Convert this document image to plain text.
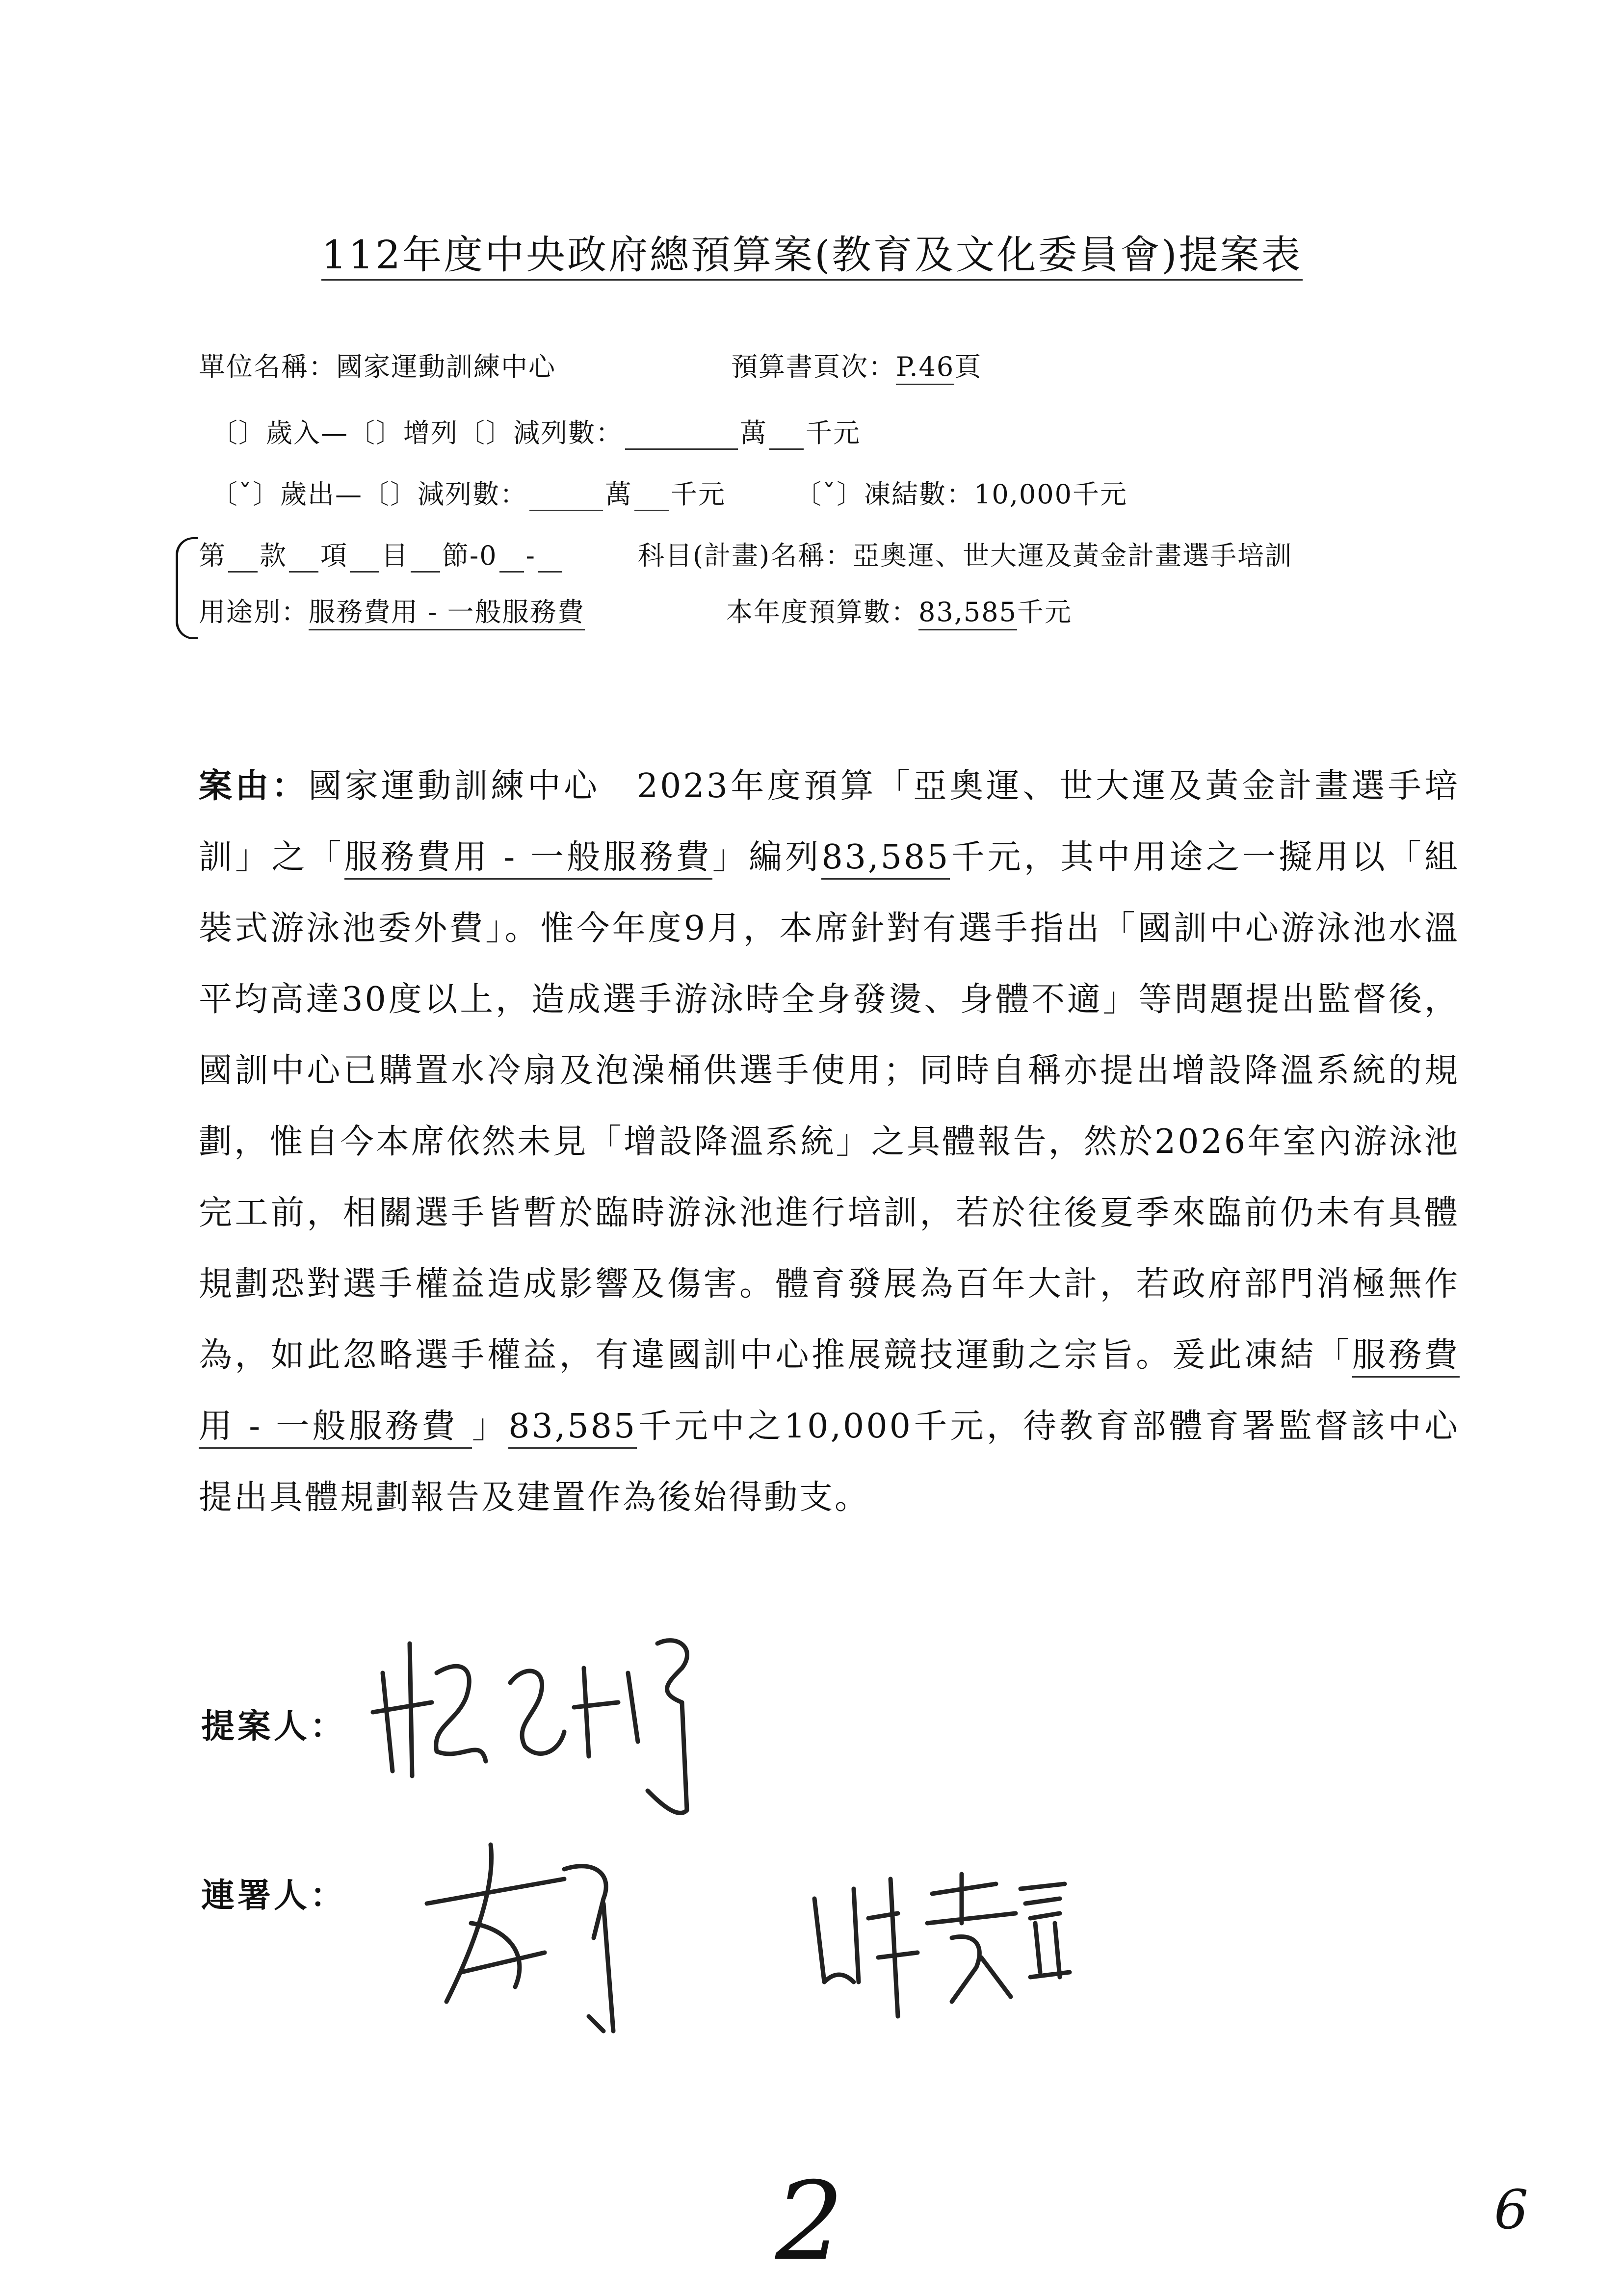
112年度中央政府總預算案(教育及文化委員會)提案表
單位名稱：國家運動訓練中心	預算書頁次：P.46頁
〔〕歲入—〔〕增列〔〕減列數：	萬 千元
〔ˇ〕歲出—〔〕減列數：	萬 千元	〔ˇ〕凍結數：10,000千元
第 款 項 目 節-0 -	科目(計畫)名稱：亞奧運、世大運及黃金計畫選手培訓
用途別：服務費用 - 一般服務費	本年度預算數：83,585千元
案由：國家運動訓練中心　2023年度預算「亞奧運、世大運及黃金計畫選手培訓」之「服務費用 - 一般服務費」編列83,585千元，其中用途之一擬用以「組裝式游泳池委外費」。惟今年度9月，本席針對有選手指出「國訓中心游泳池水溫平均高達30度以上，造成選手游泳時全身發燙、身體不適」等問題提出監督後，國訓中心已購置水冷扇及泡澡桶供選手使用；同時自稱亦提出增設降溫系統的規劃，惟自今本席依然未見「增設降溫系統」之具體報告，然於2026年室內游泳池完工前，相關選手皆暫於臨時游泳池進行培訓，若於往後夏季來臨前仍未有具體規劃恐對選手權益造成影響及傷害。體育發展為百年大計，若政府部門消極無作為，如此忽略選手權益，有違國訓中心推展競技運動之宗旨。爰此凍結「服務費用 - 一般服務費 」83,585千元中之10,000千元，待教育部體育署監督該中心提出具體規劃報告及建置作為後始得動支。
提案人：
連署人：
2	6
